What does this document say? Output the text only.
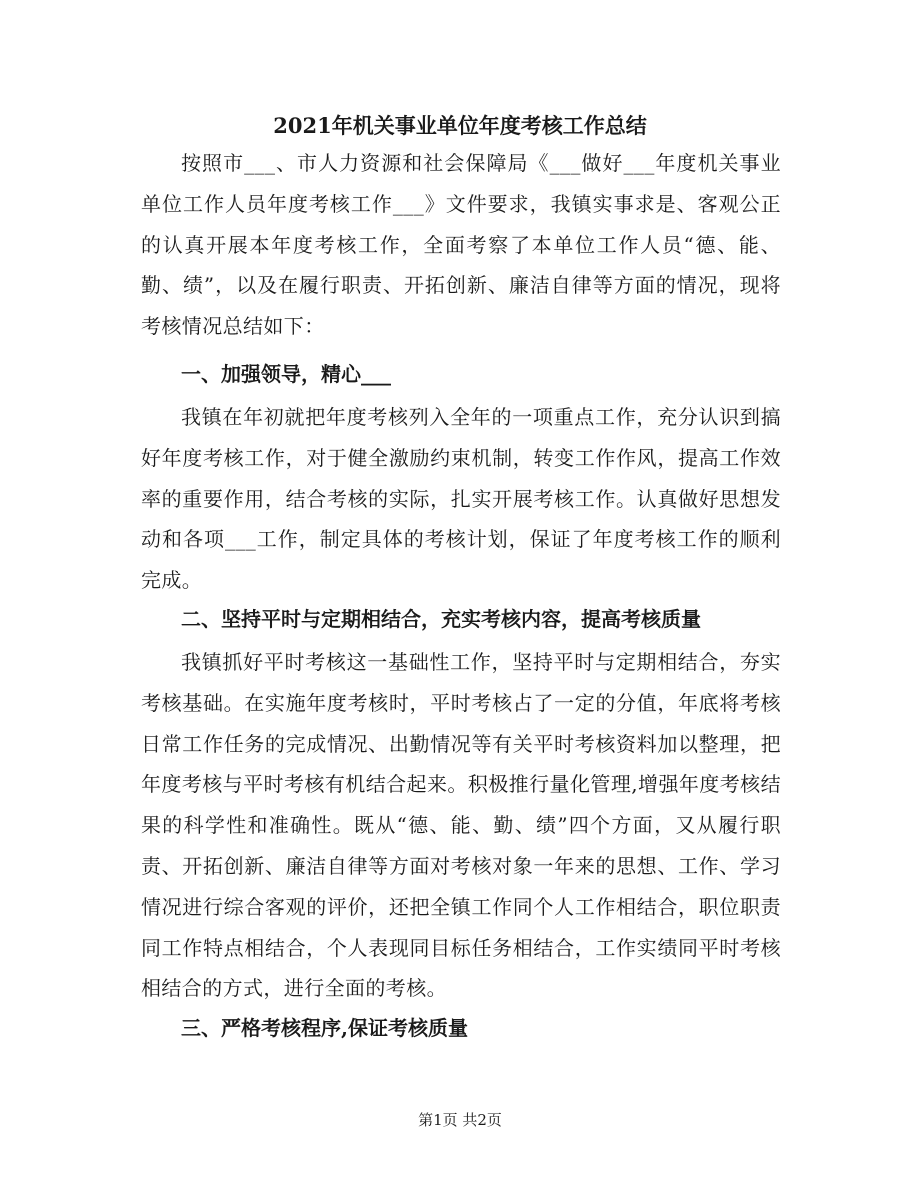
2021年机关事业单位年度考核工作总结

按照市___、市人力资源和社会保障局《___做好___年度机关事业单位工作人员年度考核工作___》文件要求，我镇实事求是、客观公正的认真开展本年度考核工作，全面考察了本单位工作人员“德、能、勤、绩”，以及在履行职责、开拓创新、廉洁自律等方面的情况，现将考核情况总结如下：

一、加强领导，精心___

我镇在年初就把年度考核列入全年的一项重点工作，充分认识到搞好年度考核工作，对于健全激励约束机制，转变工作作风，提高工作效率的重要作用，结合考核的实际，扎实开展考核工作。认真做好思想发动和各项___工作，制定具体的考核计划，保证了年度考核工作的顺利完成。

二、坚持平时与定期相结合，充实考核内容，提高考核质量

我镇抓好平时考核这一基础性工作，坚持平时与定期相结合，夯实考核基础。在实施年度考核时，平时考核占了一定的分值，年底将考核日常工作任务的完成情况、出勤情况等有关平时考核资料加以整理，把年度考核与平时考核有机结合起来。积极推行量化管理,增强年度考核结果的科学性和准确性。既从“德、能、勤、绩”四个方面，又从履行职责、开拓创新、廉洁自律等方面对考核对象一年来的思想、工作、学习情况进行综合客观的评价，还把全镇工作同个人工作相结合，职位职责同工作特点相结合，个人表现同目标任务相结合，工作实绩同平时考核相结合的方式，进行全面的考核。

三、严格考核程序,保证考核质量
第1页 共2页
